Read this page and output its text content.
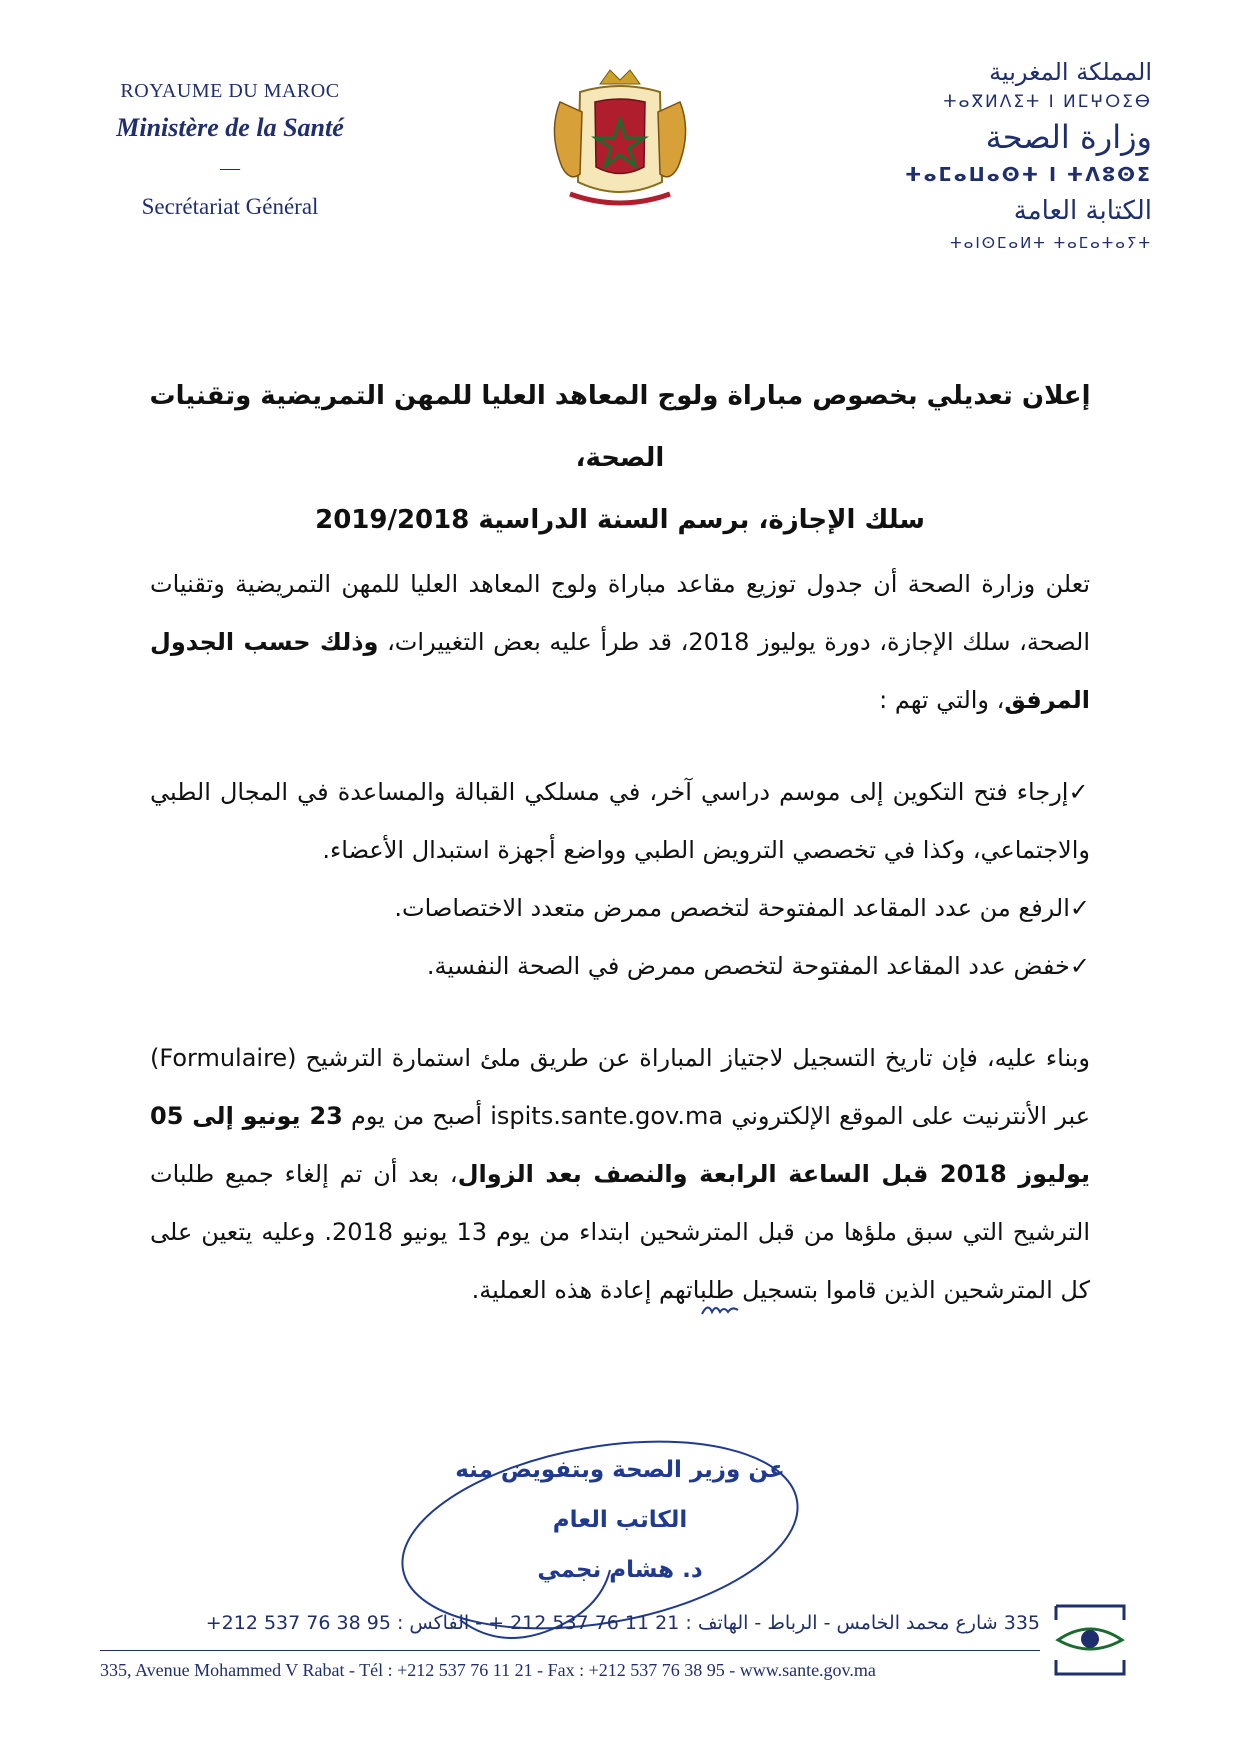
ROYAUME DU MAROC
Ministère de la Santé
—
Secrétariat Général
المملكة المغربية
ⵜⴰⴳⵍⴷⵉⵜ ⵏ ⵍⵎⵖⵔⵉⴱ
وزارة الصحة
ⵜⴰⵎⴰⵡⴰⵙⵜ ⵏ ⵜⴷⵓⵙⵉ
الكتابة العامة
ⵜⴰⵏⵙⵎⴰⵍⵜ ⵜⴰⵎⴰⵜⴰⵢⵜ
إعلان تعديلي بخصوص مباراة ولوج المعاهد العليا للمهن التمريضية وتقنيات الصحة،
سلك الإجازة، برسم السنة الدراسية 2019/2018

تعلن وزارة الصحة أن جدول توزيع مقاعد مباراة ولوج المعاهد العليا للمهن التمريضية وتقنيات الصحة، سلك الإجازة، دورة يوليوز 2018، قد طرأ عليه بعض التغييرات، وذلك حسب الجدول المرفق، والتي تهم :

✓إرجاء فتح التكوين إلى موسم دراسي آخر، في مسلكي القبالة والمساعدة في المجال الطبي والاجتماعي، وكذا في تخصصي الترويض الطبي وواضع أجهزة استبدال الأعضاء.

✓الرفع من عدد المقاعد المفتوحة لتخصص ممرض متعدد الاختصاصات.

✓خفض عدد المقاعد المفتوحة لتخصص ممرض في الصحة النفسية.

وبناء عليه، فإن تاريخ التسجيل لاجتياز المباراة عن طريق ملئ استمارة الترشيح (Formulaire) عبر الأنترنيت على الموقع الإلكتروني ispits.sante.gov.ma أصبح من يوم 23 يونيو إلى 05 يوليوز 2018 قبل الساعة الرابعة والنصف بعد الزوال، بعد أن تم إلغاء جميع طلبات الترشيح التي سبق ملؤها من قبل المترشحين ابتداء من يوم 13 يونيو 2018. وعليه يتعين على كل المترشحين الذين قاموا بتسجيل طلباتهم إعادة هذه العملية.

عن وزير الصحة وبتفويض منه
الكاتب العام
د. هشام نجمي
335 شارع محمد الخامس - الرباط - الهاتف : 21 11 76 537 212 + - الفاكس : 95 38 76 537 212+
335, Avenue Mohammed V Rabat - Tél : +212 537 76 11 21 - Fax : +212 537 76 38 95 - www.sante.gov.ma
